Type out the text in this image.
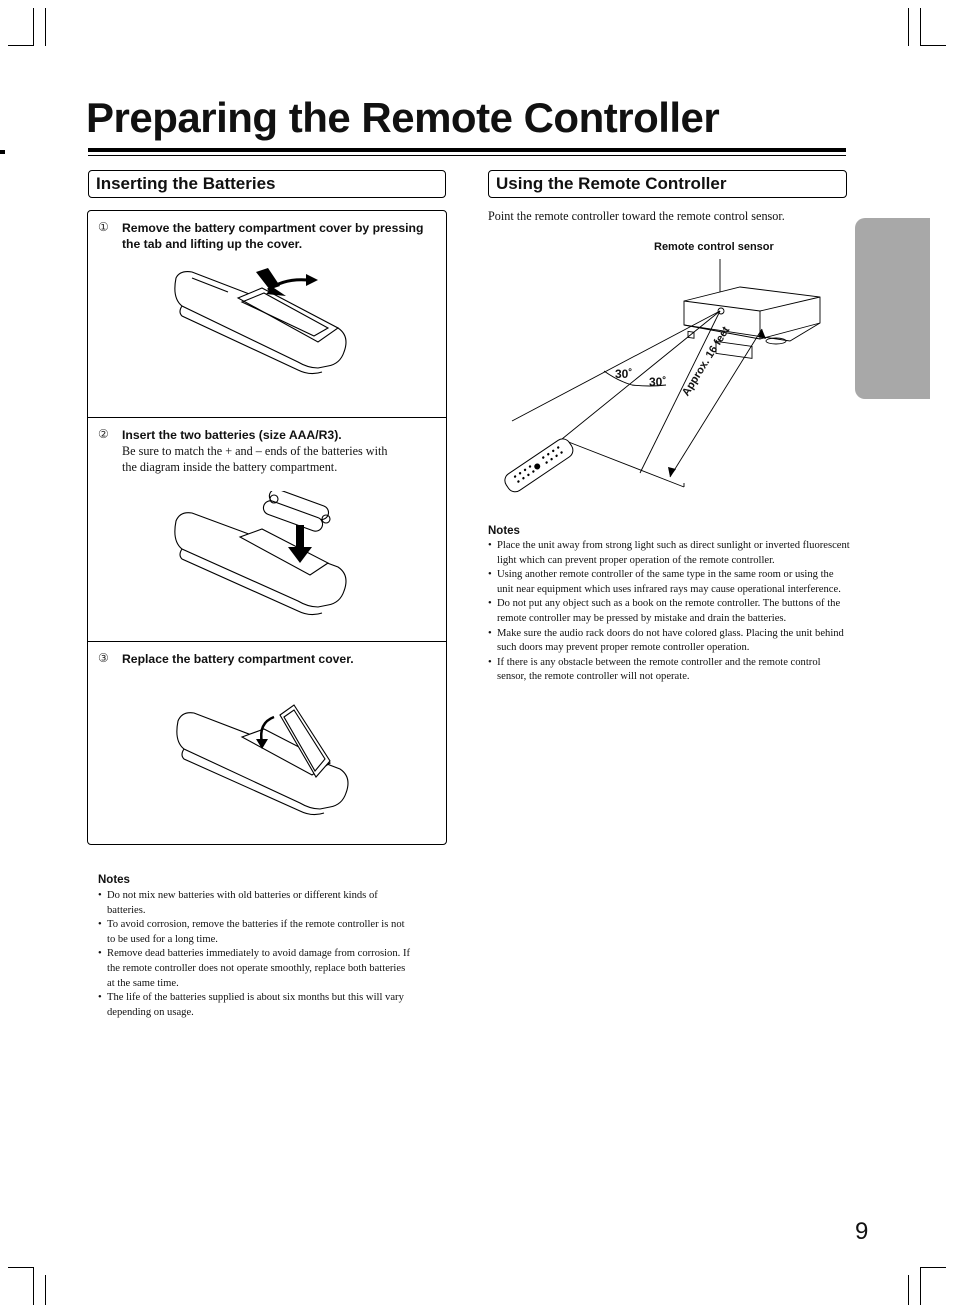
Preparing the Remote Controller
Inserting the Batteries
① Remove the battery compartment cover by pressing the tab and lifting up the cover.
② Insert the two batteries (size AAA/R3).
Be sure to match the + and – ends of the batteries with the diagram inside the battery compartment.
③ Replace the battery compartment cover.
Notes
• Do not mix new batteries with old batteries or different kinds of batteries.
• To avoid corrosion, remove the batteries if the remote controller is not to be used for a long time.
• Remove dead batteries immediately to avoid damage from corrosion. If the remote controller does not operate smoothly, replace both batteries at the same time.
• The life of the batteries supplied is about six months but this will vary depending on usage.
Using the Remote Controller
Point the remote controller toward the remote control sensor.
Remote control sensor
30˚
30˚ Approx. 16 feet
Notes
• Place the unit away from strong light such as direct sunlight or inverted fluorescent light which can prevent proper operation of the remote controller.
• Using another remote controller of the same type in the same room or using the unit near equipment which uses infrared rays may cause operational interference.
• Do not put any object such as a book on the remote controller. The buttons of the remote controller may be pressed by mistake and drain the batteries.
• Make sure the audio rack doors do not have colored glass. Placing the unit behind such doors may prevent proper remote controller operation.
• If there is any obstacle between the remote controller and the remote control sensor, the remote controller will not operate.
9
